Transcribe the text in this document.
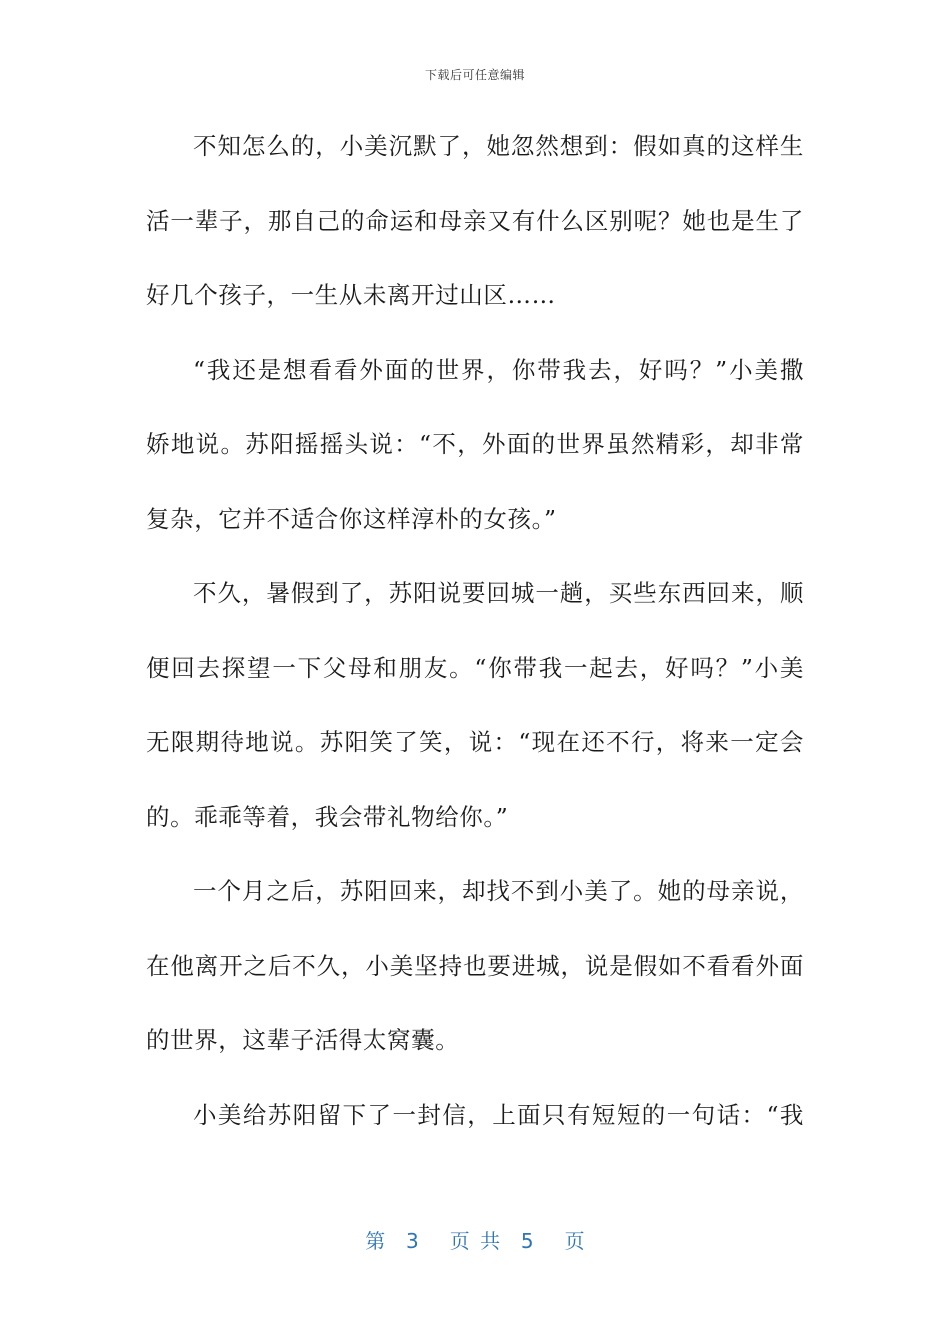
下载后可任意编辑
不知怎么的，小美沉默了，她忽然想到：假如真的这样生
活一辈子，那自己的命运和母亲又有什么区别呢？她也是生了
好几个孩子，一生从未离开过山区……
“我还是想看看外面的世界，你带我去，好吗？”小美撒
娇地说。苏阳摇摇头说：“不，外面的世界虽然精彩，却非常
复杂，它并不适合你这样淳朴的女孩。”
不久，暑假到了，苏阳说要回城一趟，买些东西回来，顺
便回去探望一下父母和朋友。“你带我一起去，好吗？”小美
无限期待地说。苏阳笑了笑，说：“现在还不行，将来一定会
的。乖乖等着，我会带礼物给你。”
一个月之后，苏阳回来，却找不到小美了。她的母亲说，
在他离开之后不久，小美坚持也要进城，说是假如不看看外面
的世界，这辈子活得太窝囊。
小美给苏阳留下了一封信，上面只有短短的一句话：“我
第  3   页 共  5   页
